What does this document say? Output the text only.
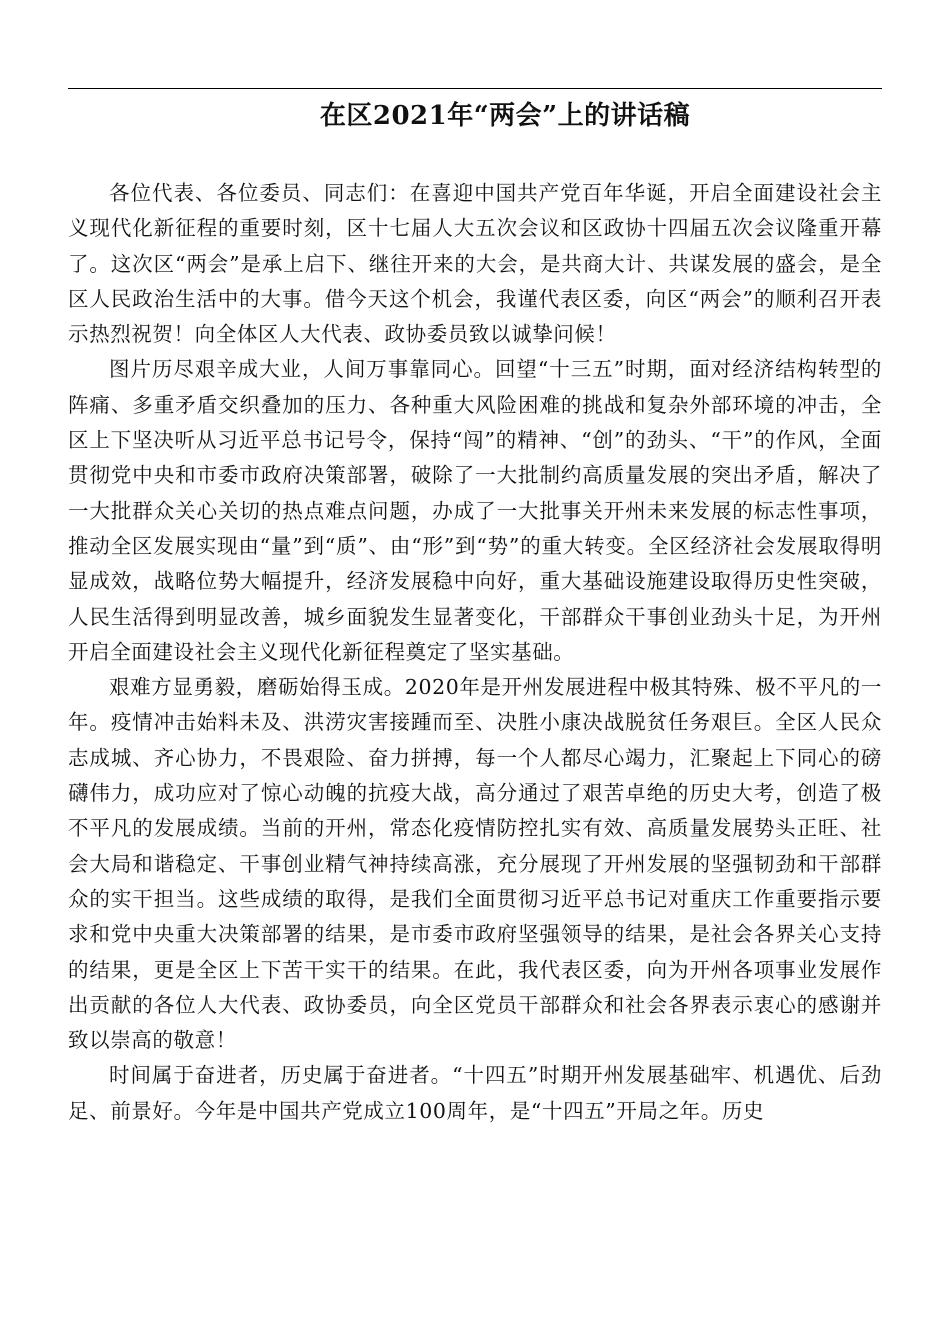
在区2021年“两会”上的讲话稿

各位代表、各位委员、同志们：在喜迎中国共产党百年华诞，开启全面建设社会主义现代化新征程的重要时刻，区十七届人大五次会议和区政协十四届五次会议隆重开幕了。这次区“两会”是承上启下、继往开来的大会，是共商大计、共谋发展的盛会，是全区人民政治生活中的大事。借今天这个机会，我谨代表区委，向区“两会”的顺利召开表示热烈祝贺！向全体区人大代表、政协委员致以诚挚问候！

图片历尽艰辛成大业，人间万事靠同心。回望“十三五”时期，面对经济结构转型的阵痛、多重矛盾交织叠加的压力、各种重大风险困难的挑战和复杂外部环境的冲击，全区上下坚决听从习近平总书记号令，保持“闯”的精神、“创”的劲头、“干”的作风，全面贯彻党中央和市委市政府决策部署，破除了一大批制约高质量发展的突出矛盾，解决了一大批群众关心关切的热点难点问题，办成了一大批事关开州未来发展的标志性事项，推动全区发展实现由“量”到“质”、由“形”到“势”的重大转变。全区经济社会发展取得明显成效，战略位势大幅提升，经济发展稳中向好，重大基础设施建设取得历史性突破，人民生活得到明显改善，城乡面貌发生显著变化，干部群众干事创业劲头十足，为开州开启全面建设社会主义现代化新征程奠定了坚实基础。

艰难方显勇毅，磨砺始得玉成。2020年是开州发展进程中极其特殊、极不平凡的一年。疫情冲击始料未及、洪涝灾害接踵而至、决胜小康决战脱贫任务艰巨。全区人民众志成城、齐心协力，不畏艰险、奋力拼搏，每一个人都尽心竭力，汇聚起上下同心的磅礴伟力，成功应对了惊心动魄的抗疫大战，高分通过了艰苦卓绝的历史大考，创造了极不平凡的发展成绩。当前的开州，常态化疫情防控扎实有效、高质量发展势头正旺、社会大局和谐稳定、干事创业精气神持续高涨，充分展现了开州发展的坚强韧劲和干部群众的实干担当。这些成绩的取得，是我们全面贯彻习近平总书记对重庆工作重要指示要求和党中央重大决策部署的结果，是市委市政府坚强领导的结果，是社会各界关心支持的结果，更是全区上下苦干实干的结果。在此，我代表区委，向为开州各项事业发展作出贡献的各位人大代表、政协委员，向全区党员干部群众和社会各界表示衷心的感谢并致以崇高的敬意！

时间属于奋进者，历史属于奋进者。“十四五”时期开州发展基础牢、机遇优、后劲足、前景好。今年是中国共产党成立100周年，是“十四五”开局之年。历史
